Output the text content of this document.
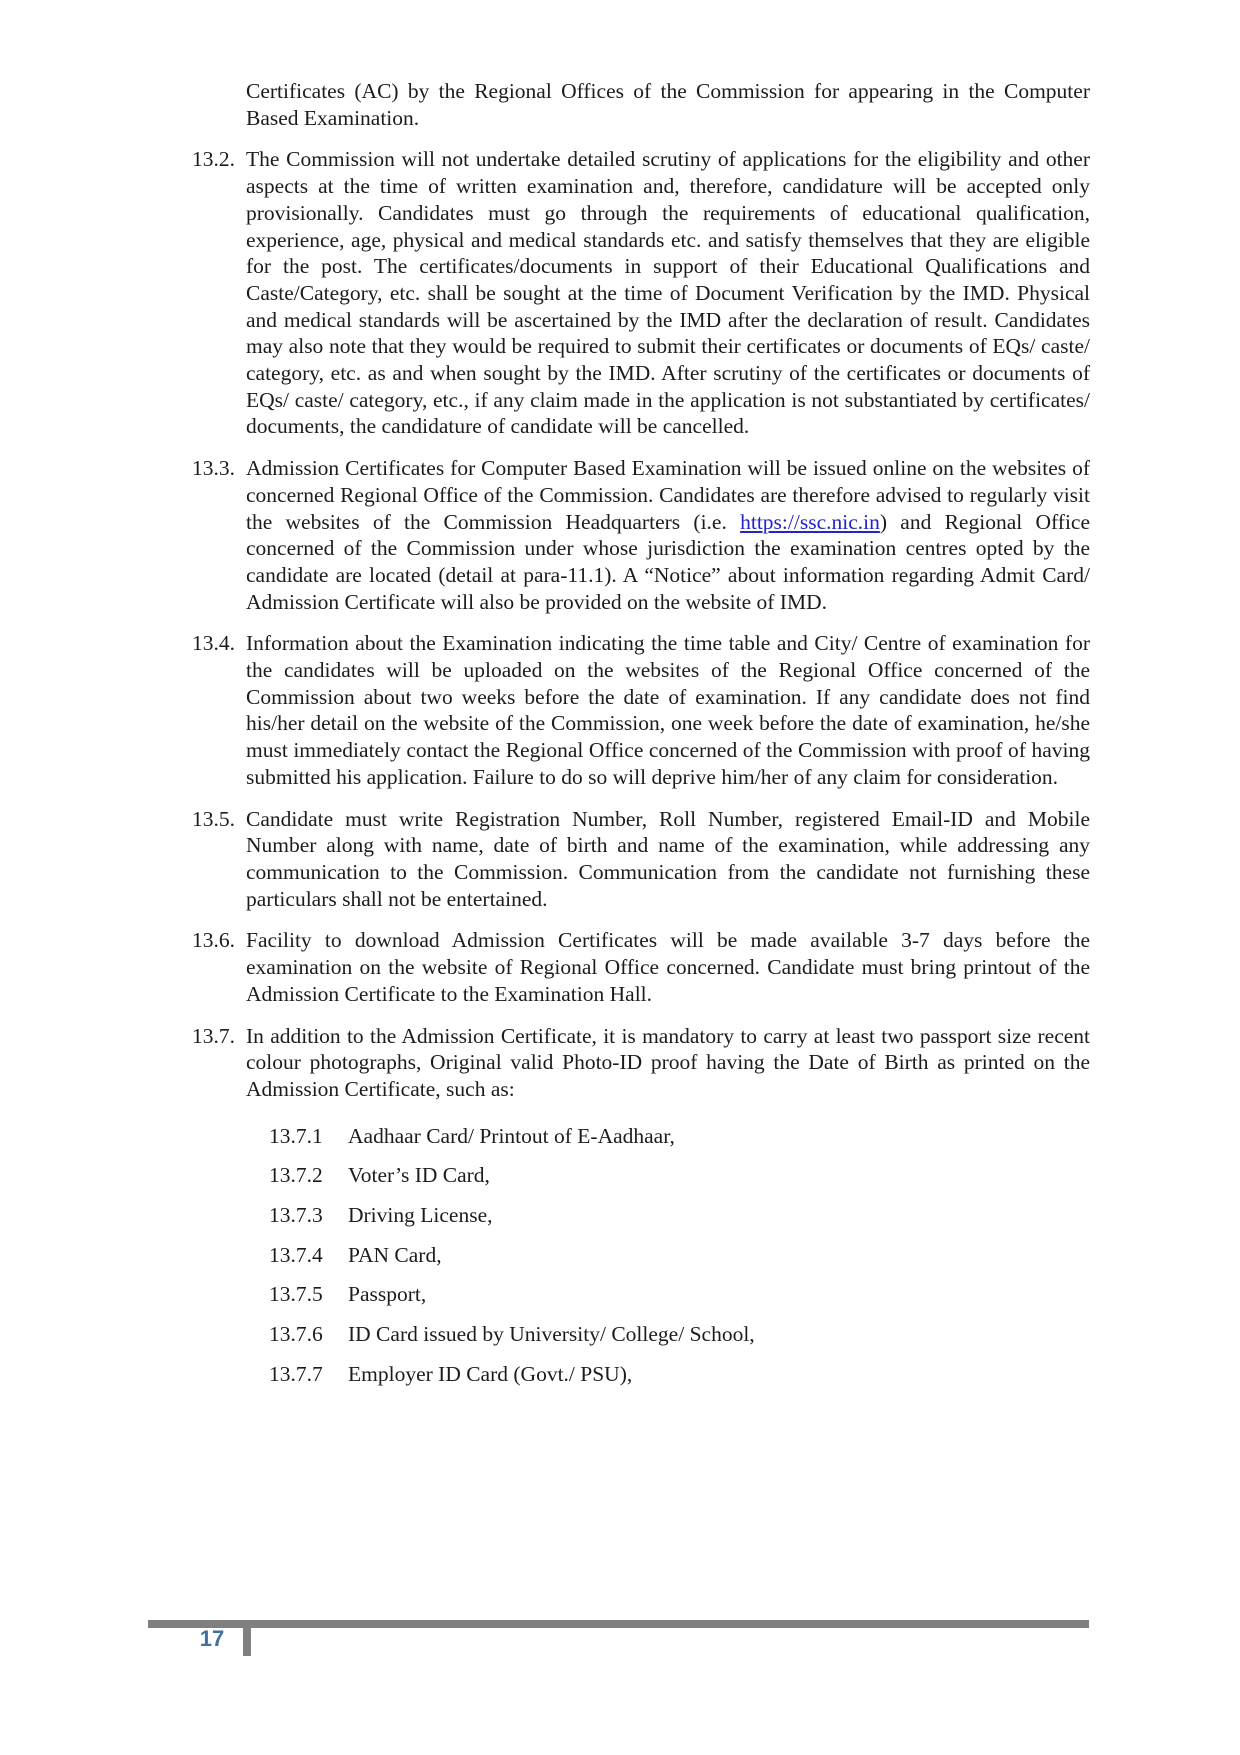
Certificates (AC) by the Regional Offices of the Commission for appearing in the Computer Based Examination.

13.2. The Commission will not undertake detailed scrutiny of applications for the eligibility and other aspects at the time of written examination and, therefore, candidature will be accepted only provisionally. Candidates must go through the requirements of educational qualification, experience, age, physical and medical standards etc. and satisfy themselves that they are eligible for the post. The certificates/documents in support of their Educational Qualifications and Caste/Category, etc. shall be sought at the time of Document Verification by the IMD. Physical and medical standards will be ascertained by the IMD after the declaration of result. Candidates may also note that they would be required to submit their certificates or documents of EQs/ caste/ category, etc. as and when sought by the IMD. After scrutiny of the certificates or documents of EQs/ caste/ category, etc., if any claim made in the application is not substantiated by certificates/ documents, the candidature of candidate will be cancelled.
13.3. Admission Certificates for Computer Based Examination will be issued online on the websites of concerned Regional Office of the Commission. Candidates are therefore advised to regularly visit the websites of the Commission Headquarters (i.e. https://ssc.nic.in) and Regional Office concerned of the Commission under whose jurisdiction the examination centres opted by the candidate are located (detail at para-11.1). A “Notice” about information regarding Admit Card/ Admission Certificate will also be provided on the website of IMD.
13.4. Information about the Examination indicating the time table and City/ Centre of examination for the candidates will be uploaded on the websites of the Regional Office concerned of the Commission about two weeks before the date of examination. If any candidate does not find his/her detail on the website of the Commission, one week before the date of examination, he/she must immediately contact the Regional Office concerned of the Commission with proof of having submitted his application. Failure to do so will deprive him/her of any claim for consideration.
13.5. Candidate must write Registration Number, Roll Number, registered Email-ID and Mobile Number along with name, date of birth and name of the examination, while addressing any communication to the Commission. Communication from the candidate not furnishing these particulars shall not be entertained.
13.6. Facility to download Admission Certificates will be made available 3-7 days before the examination on the website of Regional Office concerned. Candidate must bring printout of the Admission Certificate to the Examination Hall.
13.7. In addition to the Admission Certificate, it is mandatory to carry at least two passport size recent colour photographs, Original valid Photo-ID proof having the Date of Birth as printed on the Admission Certificate, such as:
13.7.1	Aadhaar Card/ Printout of E-Aadhaar,
13.7.2	Voter’s ID Card,
13.7.3	Driving License,
13.7.4	PAN Card,
13.7.5	Passport,
13.7.6	ID Card issued by University/ College/ School,
13.7.7	Employer ID Card (Govt./ PSU),
17
